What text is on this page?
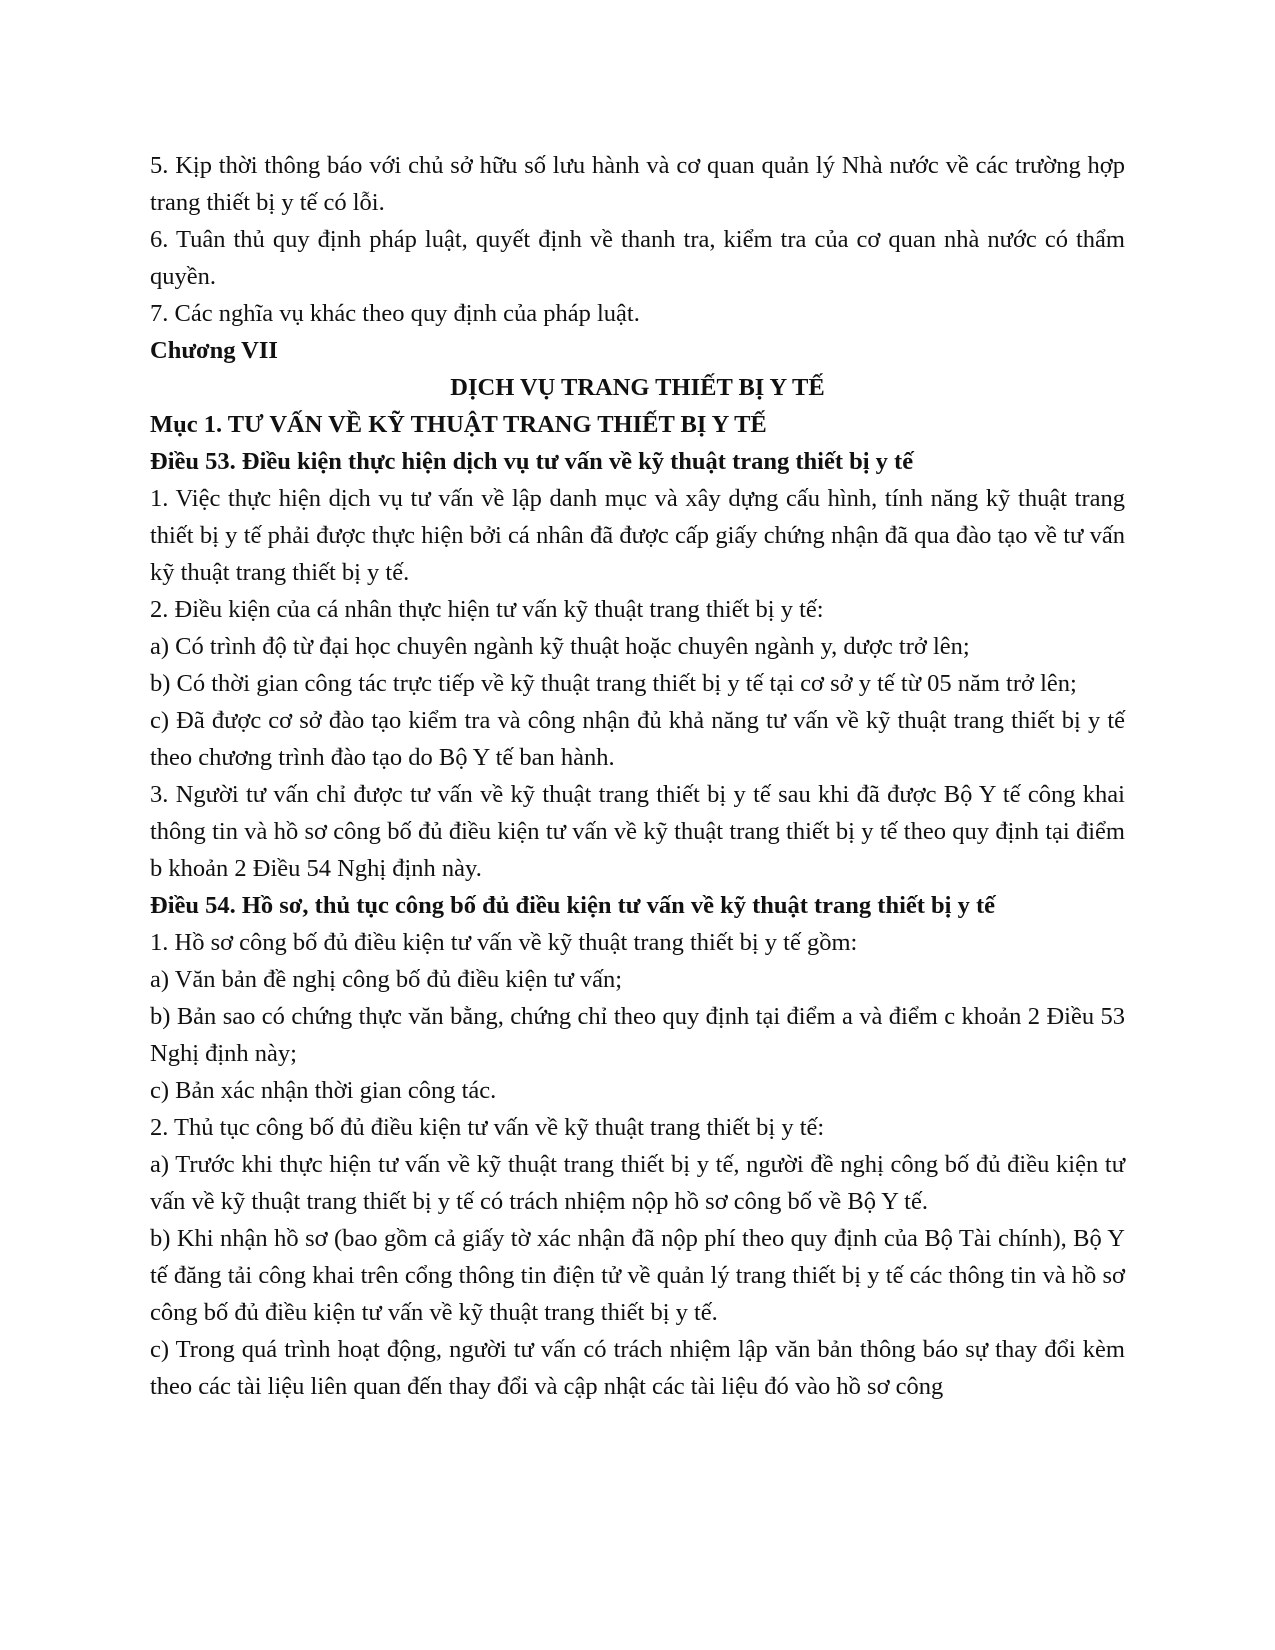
5. Kịp thời thông báo với chủ sở hữu số lưu hành và cơ quan quản lý Nhà nước về các trường hợp trang thiết bị y tế có lỗi.

6. Tuân thủ quy định pháp luật, quyết định về thanh tra, kiểm tra của cơ quan nhà nước có thẩm quyền.

7. Các nghĩa vụ khác theo quy định của pháp luật.

Chương VII

DỊCH VỤ TRANG THIẾT BỊ Y TẾ

Mục 1. TƯ VẤN VỀ KỸ THUẬT TRANG THIẾT BỊ Y TẾ

Điều 53. Điều kiện thực hiện dịch vụ tư vấn về kỹ thuật trang thiết bị y tế

1. Việc thực hiện dịch vụ tư vấn về lập danh mục và xây dựng cấu hình, tính năng kỹ thuật trang thiết bị y tế phải được thực hiện bởi cá nhân đã được cấp giấy chứng nhận đã qua đào tạo về tư vấn kỹ thuật trang thiết bị y tế.

2. Điều kiện của cá nhân thực hiện tư vấn kỹ thuật trang thiết bị y tế:

a) Có trình độ từ đại học chuyên ngành kỹ thuật hoặc chuyên ngành y, dược trở lên;

b) Có thời gian công tác trực tiếp về kỹ thuật trang thiết bị y tế tại cơ sở y tế từ 05 năm trở lên;

c) Đã được cơ sở đào tạo kiểm tra và công nhận đủ khả năng tư vấn về kỹ thuật trang thiết bị y tế theo chương trình đào tạo do Bộ Y tế ban hành.

3. Người tư vấn chỉ được tư vấn về kỹ thuật trang thiết bị y tế sau khi đã được Bộ Y tế công khai thông tin và hồ sơ công bố đủ điều kiện tư vấn về kỹ thuật trang thiết bị y tế theo quy định tại điểm b khoản 2 Điều 54 Nghị định này.

Điều 54. Hồ sơ, thủ tục công bố đủ điều kiện tư vấn về kỹ thuật trang thiết bị y tế

1. Hồ sơ công bố đủ điều kiện tư vấn về kỹ thuật trang thiết bị y tế gồm:

a) Văn bản đề nghị công bố đủ điều kiện tư vấn;

b) Bản sao có chứng thực văn bằng, chứng chỉ theo quy định tại điểm a và điểm c khoản 2 Điều 53 Nghị định này;

c) Bản xác nhận thời gian công tác.

2. Thủ tục công bố đủ điều kiện tư vấn về kỹ thuật trang thiết bị y tế:

a) Trước khi thực hiện tư vấn về kỹ thuật trang thiết bị y tế, người đề nghị công bố đủ điều kiện tư vấn về kỹ thuật trang thiết bị y tế có trách nhiệm nộp hồ sơ công bố về Bộ Y tế.

b) Khi nhận hồ sơ (bao gồm cả giấy tờ xác nhận đã nộp phí theo quy định của Bộ Tài chính), Bộ Y tế đăng tải công khai trên cổng thông tin điện tử về quản lý trang thiết bị y tế các thông tin và hồ sơ công bố đủ điều kiện tư vấn về kỹ thuật trang thiết bị y tế.

c) Trong quá trình hoạt động, người tư vấn có trách nhiệm lập văn bản thông báo sự thay đổi kèm theo các tài liệu liên quan đến thay đổi và cập nhật các tài liệu đó vào hồ sơ công
